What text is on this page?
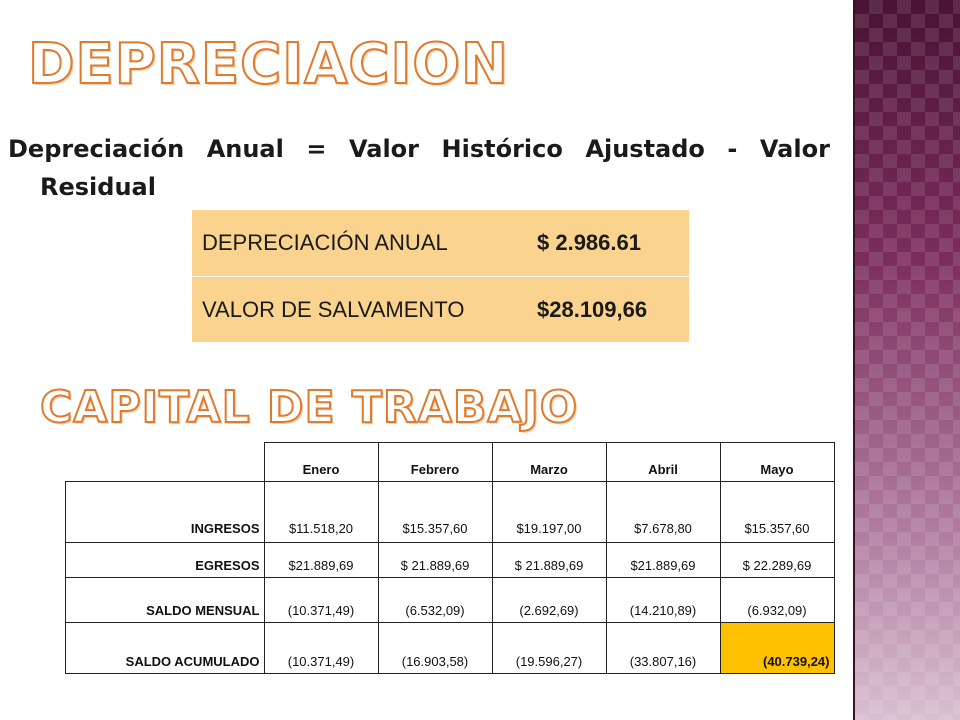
DEPRECIACION
Depreciación Anual = Valor Histórico Ajustado - Valor
Residual
DEPRECIACIÓN ANUAL	$ 2.986.61
VALOR DE SALVAMENTO	$28.109,66
CAPITAL DE TRABAJO
	Enero	Febrero	Marzo	Abril	Mayo
INGRESOS	$11.518,20	$15.357,60	$19.197,00	$7.678,80	$15.357,60
EGRESOS	$21.889,69	$ 21.889,69	$ 21.889,69	$21.889,69	$ 22.289,69
SALDO MENSUAL	(10.371,49)	(6.532,09)	(2.692,69)	(14.210,89)	(6.932,09)
SALDO ACUMULADO	(10.371,49)	(16.903,58)	(19.596,27)	(33.807,16)	(40.739,24)
